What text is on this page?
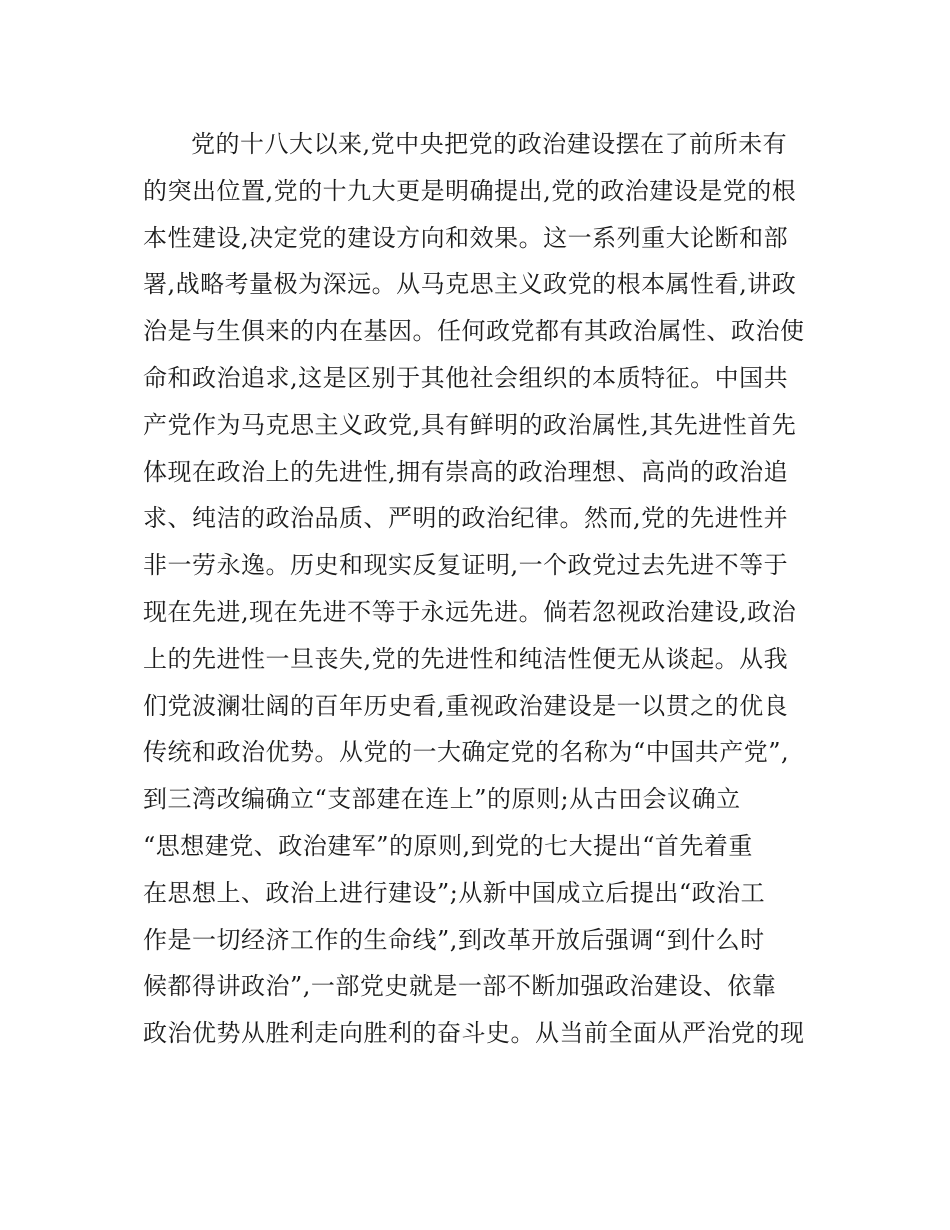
党的十八大以来,党中央把党的政治建设摆在了前所未有
的突出位置,党的十九大更是明确提出,党的政治建设是党的根
本性建设,决定党的建设方向和效果。这一系列重大论断和部
署,战略考量极为深远。从马克思主义政党的根本属性看,讲政
治是与生俱来的内在基因。任何政党都有其政治属性、政治使
命和政治追求,这是区别于其他社会组织的本质特征。中国共
产党作为马克思主义政党,具有鲜明的政治属性,其先进性首先
体现在政治上的先进性,拥有崇高的政治理想、高尚的政治追
求、纯洁的政治品质、严明的政治纪律。然而,党的先进性并
非一劳永逸。历史和现实反复证明,一个政党过去先进不等于
现在先进,现在先进不等于永远先进。倘若忽视政治建设,政治
上的先进性一旦丧失,党的先进性和纯洁性便无从谈起。从我
们党波澜壮阔的百年历史看,重视政治建设是一以贯之的优良
传统和政治优势。从党的一大确定党的名称为“中国共产党”,
到三湾改编确立“支部建在连上”的原则;从古田会议确立
“思想建党、政治建军”的原则,到党的七大提出“首先着重
在思想上、政治上进行建设”;从新中国成立后提出“政治工
作是一切经济工作的生命线”,到改革开放后强调“到什么时
候都得讲政治”,一部党史就是一部不断加强政治建设、依靠
政治优势从胜利走向胜利的奋斗史。从当前全面从严治党的现
